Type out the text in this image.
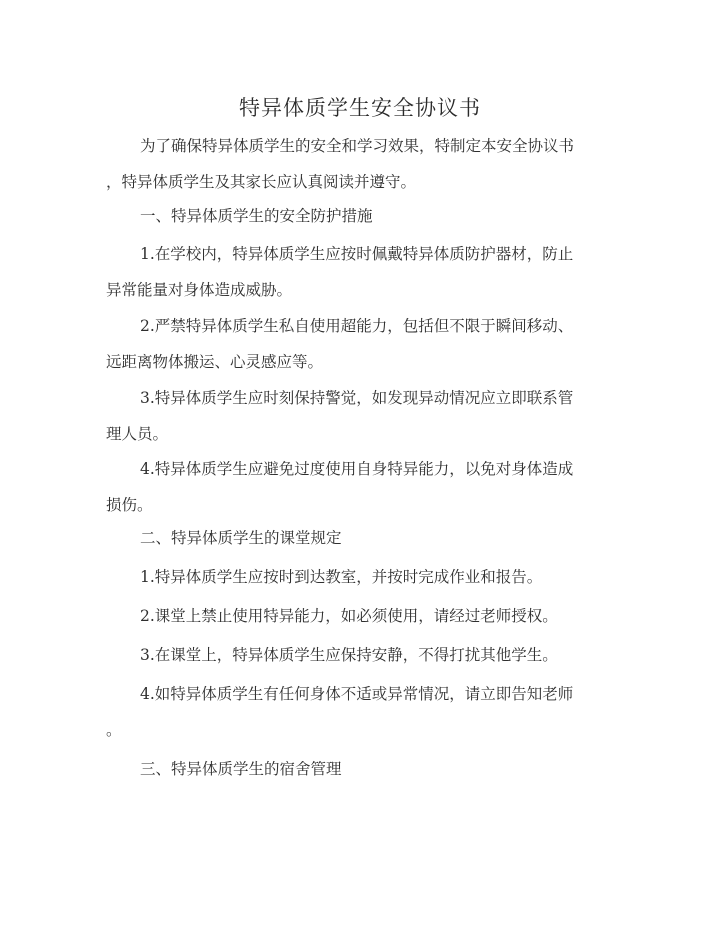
特异体质学生安全协议书

为了确保特异体质学生的安全和学习效果，特制定本安全协议书
，特异体质学生及其家长应认真阅读并遵守。

一、特异体质学生的安全防护措施

1.在学校内，特异体质学生应按时佩戴特异体质防护器材，防止
异常能量对身体造成威胁。

2.严禁特异体质学生私自使用超能力，包括但不限于瞬间移动、
远距离物体搬运、心灵感应等。

3.特异体质学生应时刻保持警觉，如发现异动情况应立即联系管
理人员。

4.特异体质学生应避免过度使用自身特异能力，以免对身体造成
损伤。

二、特异体质学生的课堂规定

1.特异体质学生应按时到达教室，并按时完成作业和报告。

2.课堂上禁止使用特异能力，如必须使用，请经过老师授权。

3.在课堂上，特异体质学生应保持安静，不得打扰其他学生。

4.如特异体质学生有任何身体不适或异常情况，请立即告知老师
。

三、特异体质学生的宿舍管理
